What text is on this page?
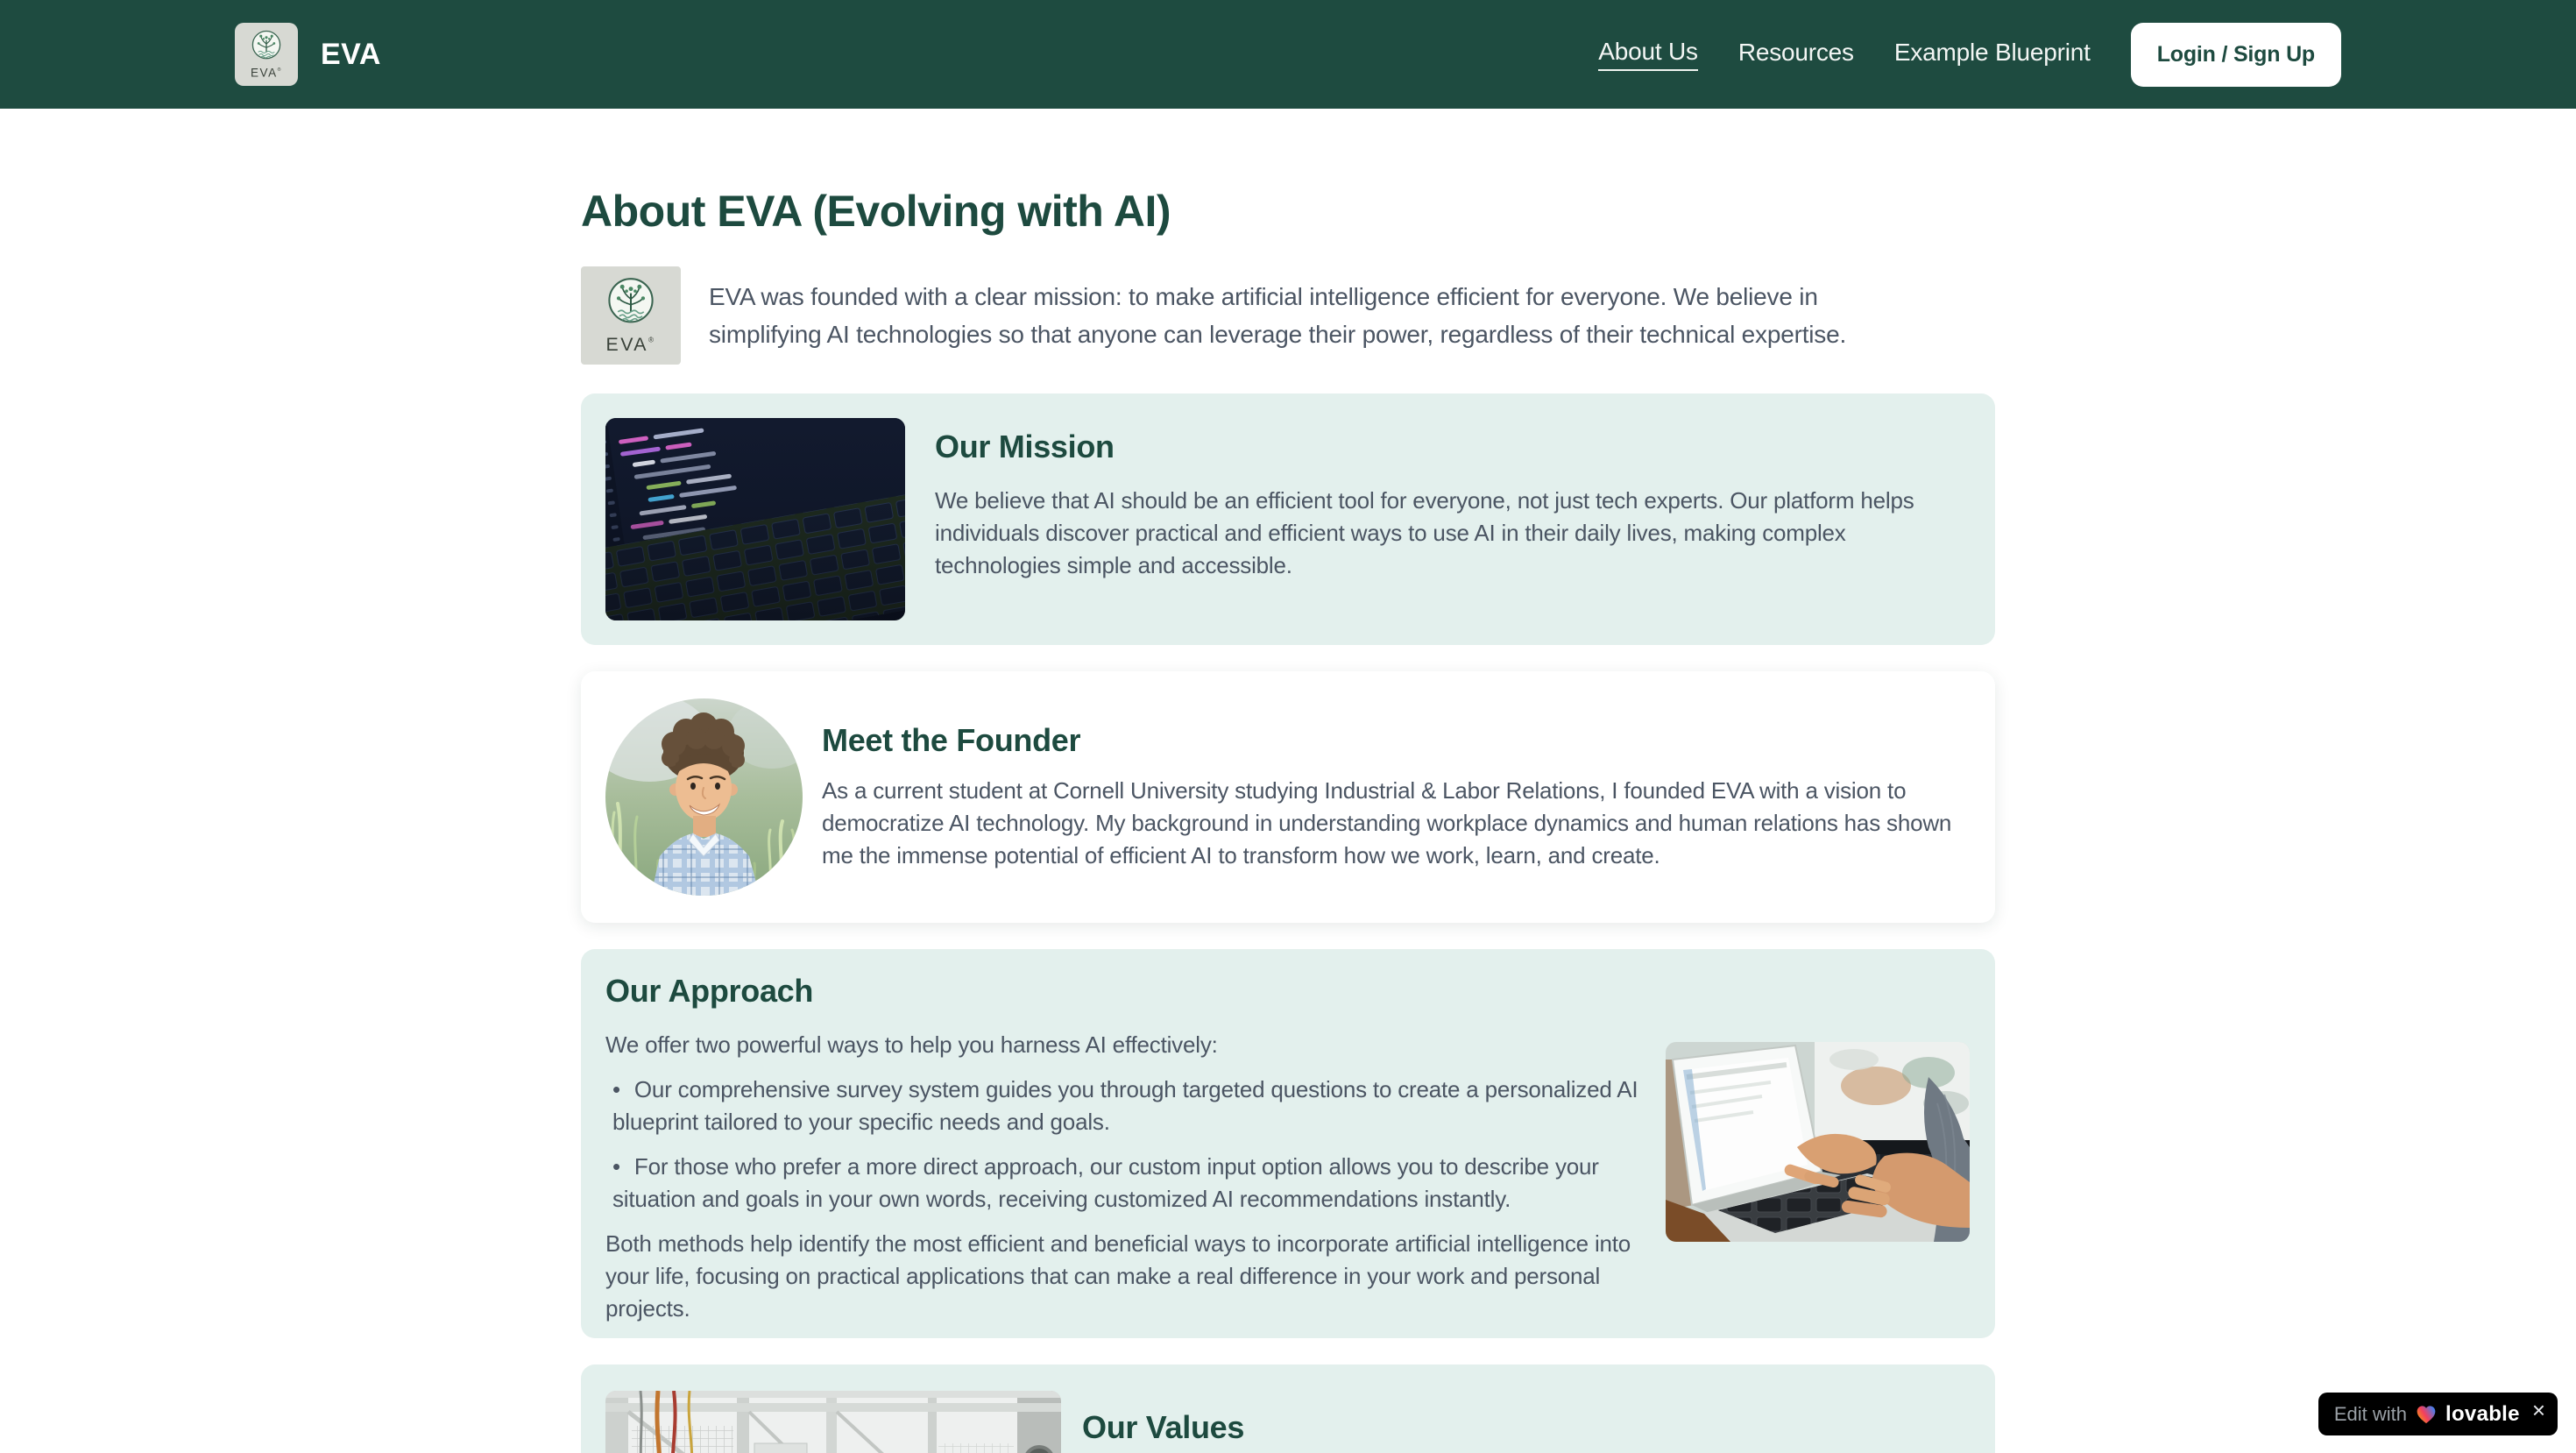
EVA® EVA	About Us Resources Example Blueprint	Login / Sign Up
About EVA (Evolving with AI)
EVA®

EVA was founded with a clear mission: to make artificial intelligence efficient for everyone. We believe in simplifying AI technologies so that anyone can leverage their power, regardless of their technical expertise.

Our Mission

We believe that AI should be an efficient tool for everyone, not just tech experts. Our platform helps individuals discover practical and efficient ways to use AI in their daily lives, making complex technologies simple and accessible.

Meet the Founder

As a current student at Cornell University studying Industrial & Labor Relations, I founded EVA with a vision to democratize AI technology. My background in understanding workplace dynamics and human relations has shown me the immense potential of efficient AI to transform how we work, learn, and create.

Our Approach

We offer two powerful ways to help you harness AI effectively:

• Our comprehensive survey system guides you through targeted questions to create a personalized AI blueprint tailored to your specific needs and goals.

• For those who prefer a more direct approach, our custom input option allows you to describe your situation and goals in your own words, receiving customized AI recommendations instantly.

Both methods help identify the most efficient and beneficial ways to incorporate artificial intelligence into your life, focusing on practical applications that can make a real difference in your work and personal projects.

Our Values	Edit with lovable ×
